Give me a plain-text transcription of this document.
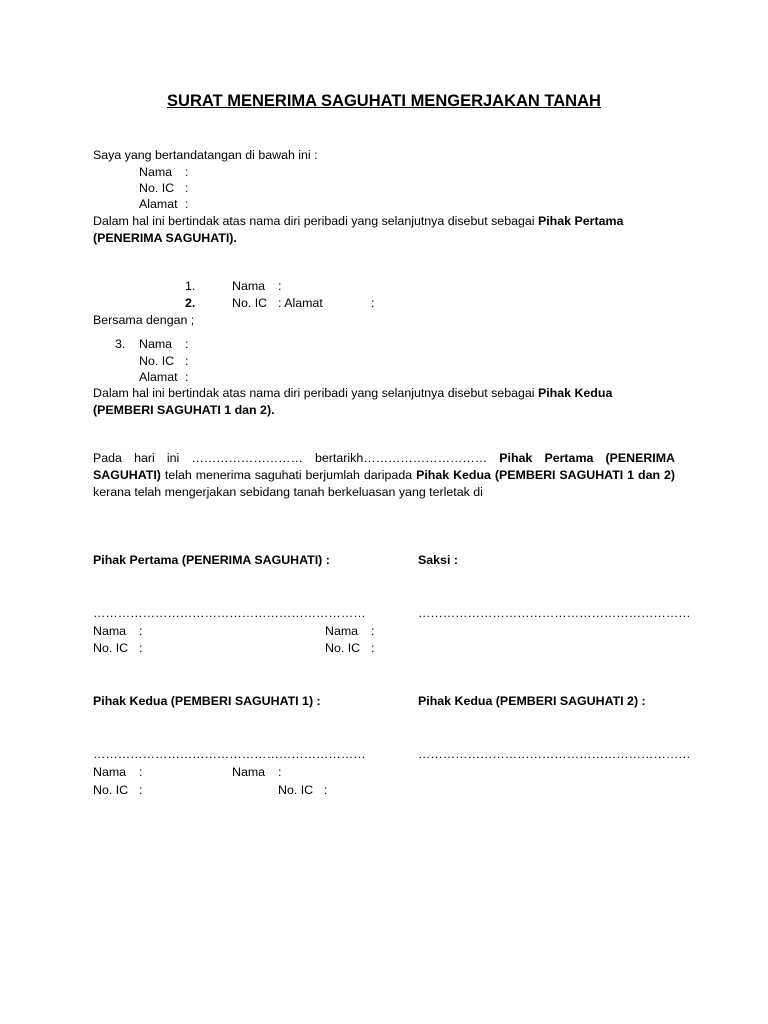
SURAT MENERIMA SAGUHATI MENGERJAKAN TANAH
Saya yang bertandatangan di bawah ini :
Nama :
No. IC :
Alamat :
Dalam hal ini bertindak atas nama diri peribadi yang selanjutnya disebut sebagai Pihak Pertama
(PENERIMA SAGUHATI).
1.	Nama :
2.	No. IC : Alamat	:
Bersama dengan ;
3. Nama :
No. IC :
Alamat :
Dalam hal ini bertindak atas nama diri peribadi yang selanjutnya disebut sebagai Pihak Kedua
(PEMBERI SAGUHATI 1 dan 2).
Pada hari ini ……………………… bertarikh………………………… Pihak Pertama (PENERIMA SAGUHATI) telah menerima saguhati berjumlah daripada Pihak Kedua (PEMBERI SAGUHATI 1 dan 2) kerana telah mengerjakan sebidang tanah berkeluasan yang terletak di
Pihak Pertama (PENERIMA SAGUHATI) :	Saksi :
…………………………………………………………	…………………………………………………………
Nama :	Nama :
No. IC :	No. IC :
Pihak Kedua (PEMBERI SAGUHATI 1) :	Pihak Kedua (PEMBERI SAGUHATI 2) :
…………………………………………………………	…………………………………………………………
Nama :	Nama :
No. IC :	No. IC :
